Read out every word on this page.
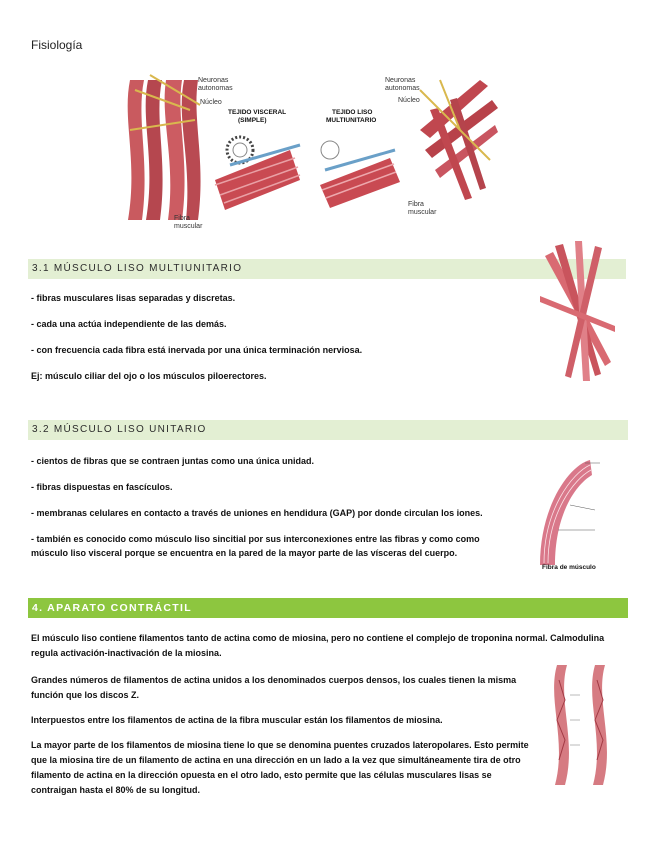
Fisiología
Neuronas
autonomas
Núcleo
Fibra
muscular
TEJIDO VISCERAL
(SIMPLE)
TEJIDO LISO
MULTIUNITARIO
Neuronas
autonomas
Núcleo
Fibra
muscular
3.1 MÚSCULO LISO MULTIUNITARIO
- fibras musculares lisas separadas y discretas.
- cada una actúa independiente de las demás.
- con frecuencia cada fibra está inervada por una única terminación nerviosa.
Ej: músculo ciliar del ojo o los músculos piloerectores.
3.2 MÚSCULO LISO UNITARIO
Fibra de músculo
- cientos de fibras que se contraen juntas como una única unidad.
- fibras dispuestas en fascículos.
- membranas celulares en contacto a través de uniones en hendidura (GAP) por donde circulan los iones.
- también es conocido como músculo liso sincitial por sus interconexiones entre las fibras y como como
músculo liso visceral porque se encuentra en la pared de la mayor parte de las vísceras del cuerpo.
4. APARATO CONTRÁCTIL
El músculo liso contiene filamentos tanto de actina como de miosina, pero no contiene el complejo de troponina normal. Calmodulina
regula activación-inactivación de la miosina.
Grandes números de filamentos de actina unidos a los denominados cuerpos densos, los cuales tienen la misma
función que los discos Z.
Interpuestos entre los filamentos de actina de la fibra muscular están los filamentos de miosina.
La mayor parte de los filamentos de miosina tiene lo que se denomina puentes cruzados lateropolares. Esto permite
que la miosina tire de un filamento de actina en una dirección en un lado a la vez que simultáneamente tira de otro
filamento de actina en la dirección opuesta en el otro lado, esto permite que las células musculares lisas se
contraigan hasta el 80% de su longitud.
